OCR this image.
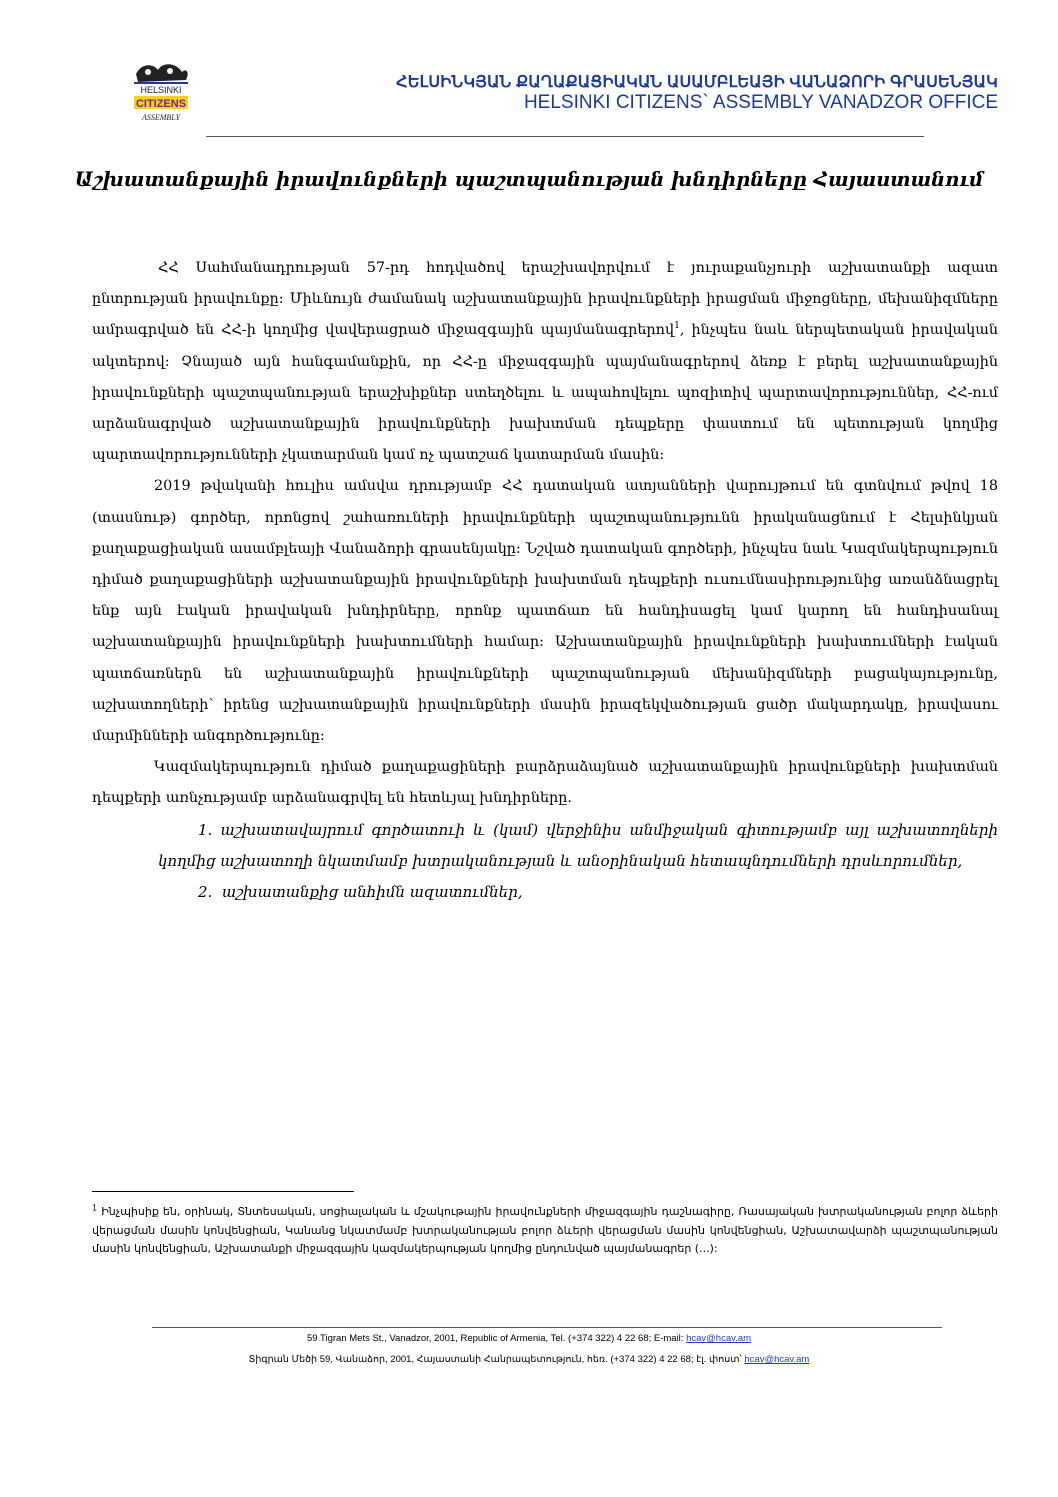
HELSINKI
CITIZENS
ASSEMBLY
ՀԵԼՍԻՆԿՅԱՆ ՔԱՂԱՔԱՑԻԱԿԱՆ ԱՍԱՄԲԼԵԱՅԻ ՎԱՆԱՁՈՐԻ ԳՐԱՍԵՆՅԱԿ
HELSINKI CITIZENS` ASSEMBLY VANADZOR OFFICE
Աշխատանքային իրավունքների պաշտպանության խնդիրները Հայաստանում

ՀՀ Սահմանադրության 57-րդ հոդվածով երաշխավորվում է յուրաքանչյուրի աշխատանքի ազատ ընտրության իրավունքը։ Միևնույն ժամանակ աշխատանքային իրավունքների իրացման միջոցները, մեխանիզմները ամրագրված են ՀՀ-ի կողմից վավերացրած միջազգային պայմանագրերով$^1$, ինչպես նաև ներպետական իրավական ակտերով։ Չնայած այն հանգամանքին, որ ՀՀ-ը միջազգային պայմանագրերով ձեռք է բերել աշխատանքային իրավունքների պաշտպանության երաշխիքներ ստեղծելու և ապահովելու պոզիտիվ պարտավորություններ, ՀՀ-ում արձանագրված աշխատանքային իրավունքների խախտման դեպքերը փաստում են պետության կողմից պարտավորությունների չկատարման կամ ոչ պատշաճ կատարման մասին։

2019 թվականի հուլիս ամսվա դրությամբ ՀՀ դատական ատյանների վարույթում են գտնվում թվով 18 (տասնութ) գործեր, որոնցով շահառուների իրավունքների պաշտպանությունն իրականացնում է Հելսինկյան քաղաքացիական ասամբլեայի Վանաձորի գրասենյակը։ Նշված դատական գործերի, ինչպես նաև Կազմակերպություն դիմած քաղաքացիների աշխատանքային իրավունքների խախտման դեպքերի ուսումնասիրությունից առանձնացրել ենք այն էական իրավական խնդիրները, որոնք պատճառ են հանդիսացել կամ կարող են հանդիսանալ աշխատանքային իրավունքների խախտումների համար։ Աշխատանքային իրավունքների խախտումների էական պատճառներն են աշխատանքային իրավունքների պաշտպանության մեխանիզմների բացակայությունը, աշխատողների՝ իրենց աշխատանքային իրավունքների մասին իրազեկվածության ցածր մակարդակը, իրավասու մարմինների անգործությունը։

Կազմակերպություն դիմած քաղաքացիների բարձրաձայնած աշխատանքային իրավունքների խախտման դեպքերի առնչությամբ արձանագրվել են հետևյալ խնդիրները.

1. աշխատավայրում գործատուի և (կամ) վերջինիս անմիջական գիտությամբ այլ աշխատողների կողմից աշխատողի նկատմամբ խտրականության և անօրինական հետապնդումների դրսևորումներ,
2. աշխատանքից անհիմն ազատումներ,
$^1$ Ինչպիսիք են, օրինակ, Տնտեսական, սոցիալական և մշակութային իրավունքների միջազգային դաշնագիրը, Ռասայական խտրականության բոլոր ձևերի վերացման մասին կոնվենցիան, Կանանց նկատմամբ խտրականության բոլոր ձևերի վերացման մասին կոնվենցիան, Աշխատավարձի պաշտպանության մասին կոնվենցիան, Աշխատանքի միջազգային կազմակերպության կողմից ընդունված պայմանագրեր (...):
59 Tigran Mets St., Vanadzor, 2001, Republic of Armenia, Tel. (+374 322) 4 22 68; E-mail: hcav@hcav.am
Տիգրան Մեծի 59, Վանաձոր, 2001, Հայաստանի Հանրապետություն, հեռ. (+374 322) 4 22 68; էլ. փոստ՝ hcav@hcav.am
